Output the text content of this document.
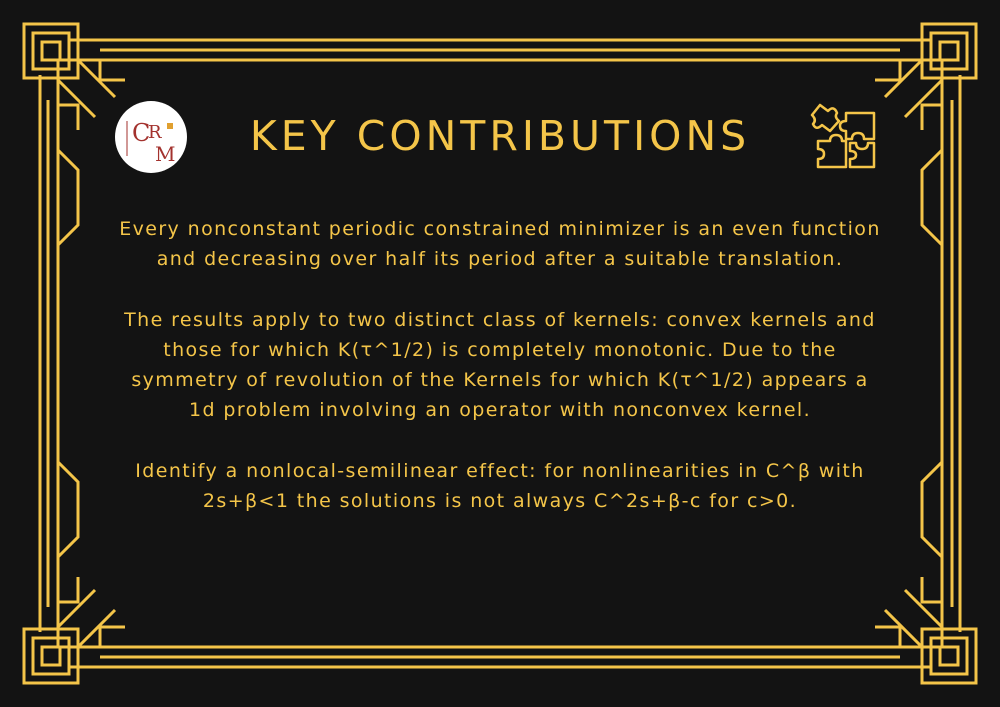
C
R
M	KEY CONTRIBUTIONS

Every nonconstant periodic constrained minimizer is an even function and decreasing over half its period after a suitable translation.

The results apply to two distinct class of kernels: convex kernels and those for which K(τ^1/2) is completely monotonic. Due to the symmetry of revolution of the Kernels for which K(τ^1/2) appears a 1d problem involving an operator with nonconvex kernel.

Identify a nonlocal-semilinear effect: for nonlinearities in C^β with 2s+β<1 the solutions is not always C^2s+β-c for c>0.
